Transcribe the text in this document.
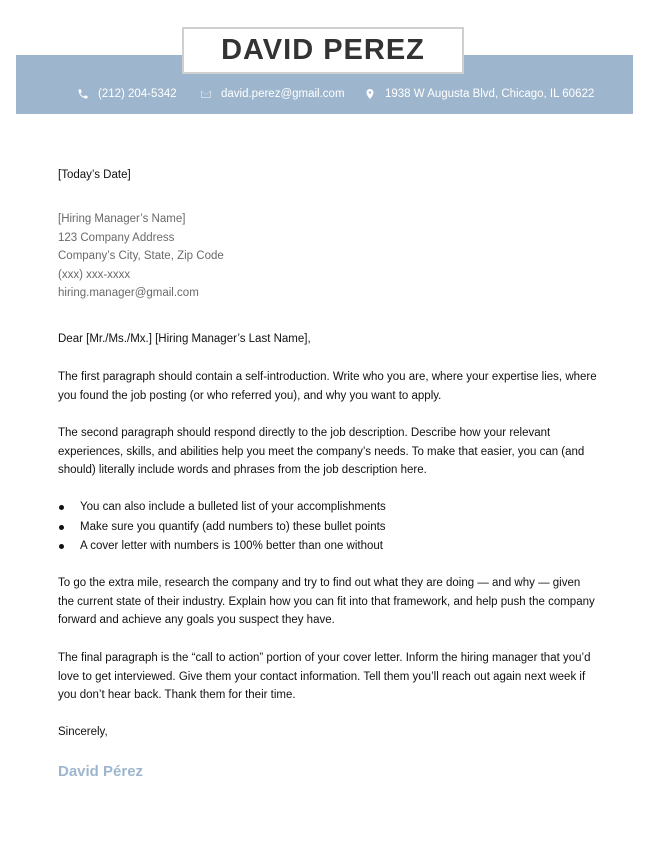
DAVID PEREZ
(212) 204-5342	david.perez@gmail.com	1938 W Augusta Blvd, Chicago, IL 60622

[Today’s Date]

[Hiring Manager’s Name]

123 Company Address

Company’s City, State, Zip Code

(xxx) xxx-xxxx

hiring.manager@gmail.com

Dear [Mr./Ms./Mx.] [Hiring Manager’s Last Name],

The first paragraph should contain a self-introduction. Write who you are, where your expertise lies, where you found the job posting (or who referred you), and why you want to apply.

The second paragraph should respond directly to the job description. Describe how your relevant experiences, skills, and abilities help you meet the company’s needs. To make that easier, you can (and should) literally include words and phrases from the job description here.

You can also include a bulleted list of your accomplishments
Make sure you quantify (add numbers to) these bullet points
A cover letter with numbers is 100% better than one without

To go the extra mile, research the company and try to find out what they are doing — and why — given the current state of their industry. Explain how you can fit into that framework, and help push the company forward and achieve any goals you suspect they have.

The final paragraph is the “call to action” portion of your cover letter. Inform the hiring manager that you’d love to get interviewed. Give them your contact information. Tell them you’ll reach out again next week if you don’t hear back. Thank them for their time.

Sincerely,

David Pérez
